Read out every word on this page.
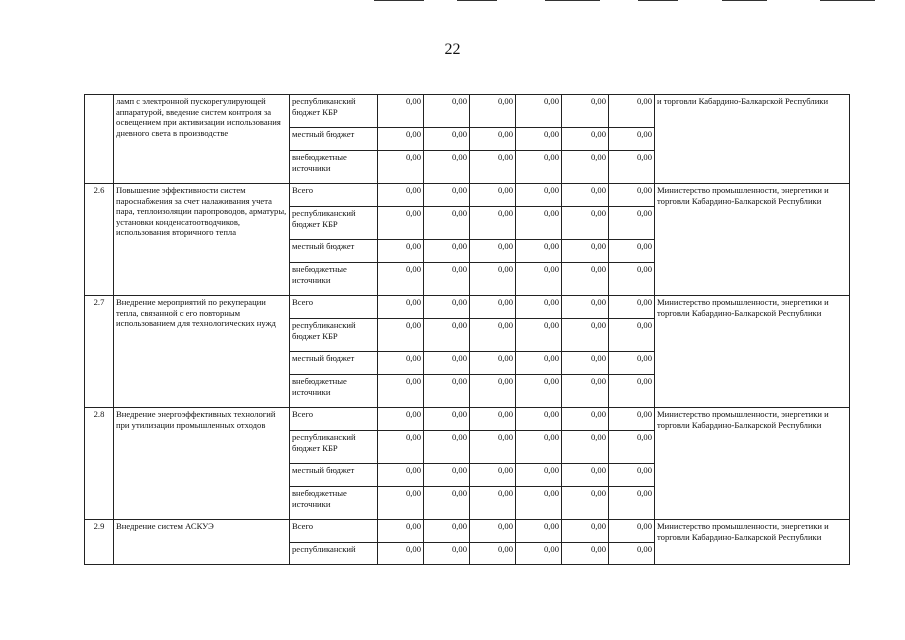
22
	ламп с электронной пускорегулирующей аппаратурой, введение систем контроля за освещением при активизации использования дневного света в производстве	республиканский бюджет КБР	0,00	0,00	0,00	0,00	0,00	0,00	и торговли Кабардино-Балкарской Республики
		местный бюджет	0,00	0,00	0,00	0,00	0,00	0,00	
		внебюджетные источники	0,00	0,00	0,00	0,00	0,00	0,00	
2.6	Повышение эффективности систем пароснабжения за счет налаживания учета пара, теплоизоляции паропроводов, арматуры, установки конденсатоотводчиков, использования вторичного тепла	Всего	0,00	0,00	0,00	0,00	0,00	0,00	Министерство промышленности, энергетики и торговли Кабардино-Балкарской Республики
		республиканский бюджет КБР	0,00	0,00	0,00	0,00	0,00	0,00	
		местный бюджет	0,00	0,00	0,00	0,00	0,00	0,00	
		внебюджетные источники	0,00	0,00	0,00	0,00	0,00	0,00	
2.7	Внедрение мероприятий по рекуперации тепла, связанной с его повторным использованием для технологических нужд	Всего	0,00	0,00	0,00	0,00	0,00	0,00	Министерство промышленности, энергетики и торговли Кабардино-Балкарской Республики
		республиканский бюджет КБР	0,00	0,00	0,00	0,00	0,00	0,00	
		местный бюджет	0,00	0,00	0,00	0,00	0,00	0,00	
		внебюджетные источники	0,00	0,00	0,00	0,00	0,00	0,00	
2.8	Внедрение энергоэффективных технологий при утилизации промышленных отходов	Всего	0,00	0,00	0,00	0,00	0,00	0,00	Министерство промышленности, энергетики и торговли Кабардино-Балкарской Республики
		республиканский бюджет КБР	0,00	0,00	0,00	0,00	0,00	0,00	
		местный бюджет	0,00	0,00	0,00	0,00	0,00	0,00	
		внебюджетные источники	0,00	0,00	0,00	0,00	0,00	0,00	
2.9	Внедрение систем АСКУЭ	Всего	0,00	0,00	0,00	0,00	0,00	0,00	Министерство промышленности, энергетики и торговли Кабардино-Балкарской Республики
		республиканский	0,00	0,00	0,00	0,00	0,00	0,00	
